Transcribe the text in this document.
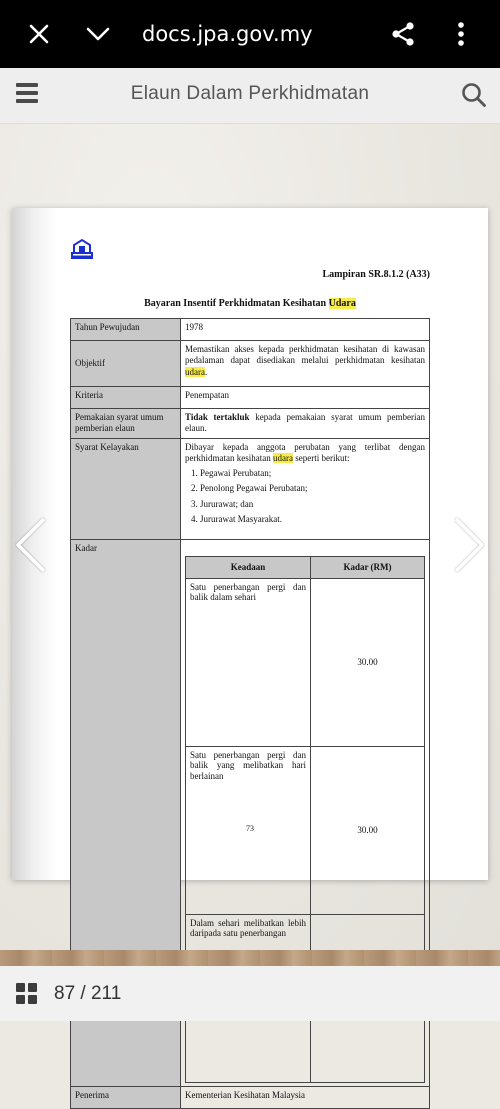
docs.jpa.gov.my
Elaun Dalam Perkhidmatan
Lampiran SR.8.1.2 (A33)
Bayaran Insentif Perkhidmatan Kesihatan Udara
Tahun Pewujudan	1978
Objektif	Memastikan akses kepada perkhidmatan kesihatan di kawasan pedalaman dapat disediakan melalui perkhidmatan kesihatan udara.
Kriteria	Penempatan
Pemakaian syarat umum pemberian elaun	Tidak tertakluk kepada pemakaian syarat umum pemberian elaun.
Syarat Kelayakan	Dibayar kepada anggota perubatan yang terlibat dengan perkhidmatan kesihatan udara seperti berikut:
1. Pegawai Perubatan;
2. Penolong Pegawai Perubatan;
3. Jururawat; dan
4. Jururawat Masyarakat.

Kadar	
Keadaan	Kadar (RM)
Satu penerbangan pergi dan balik dalam sehari	30.00
Satu penerbangan pergi dan balik yang melibatkan hari berlainan	30.00
Dalam sehari melibatkan lebih daripada satu penerbangan	

Penerima	Kementerian Kesihatan Malaysia
73
87 / 211
